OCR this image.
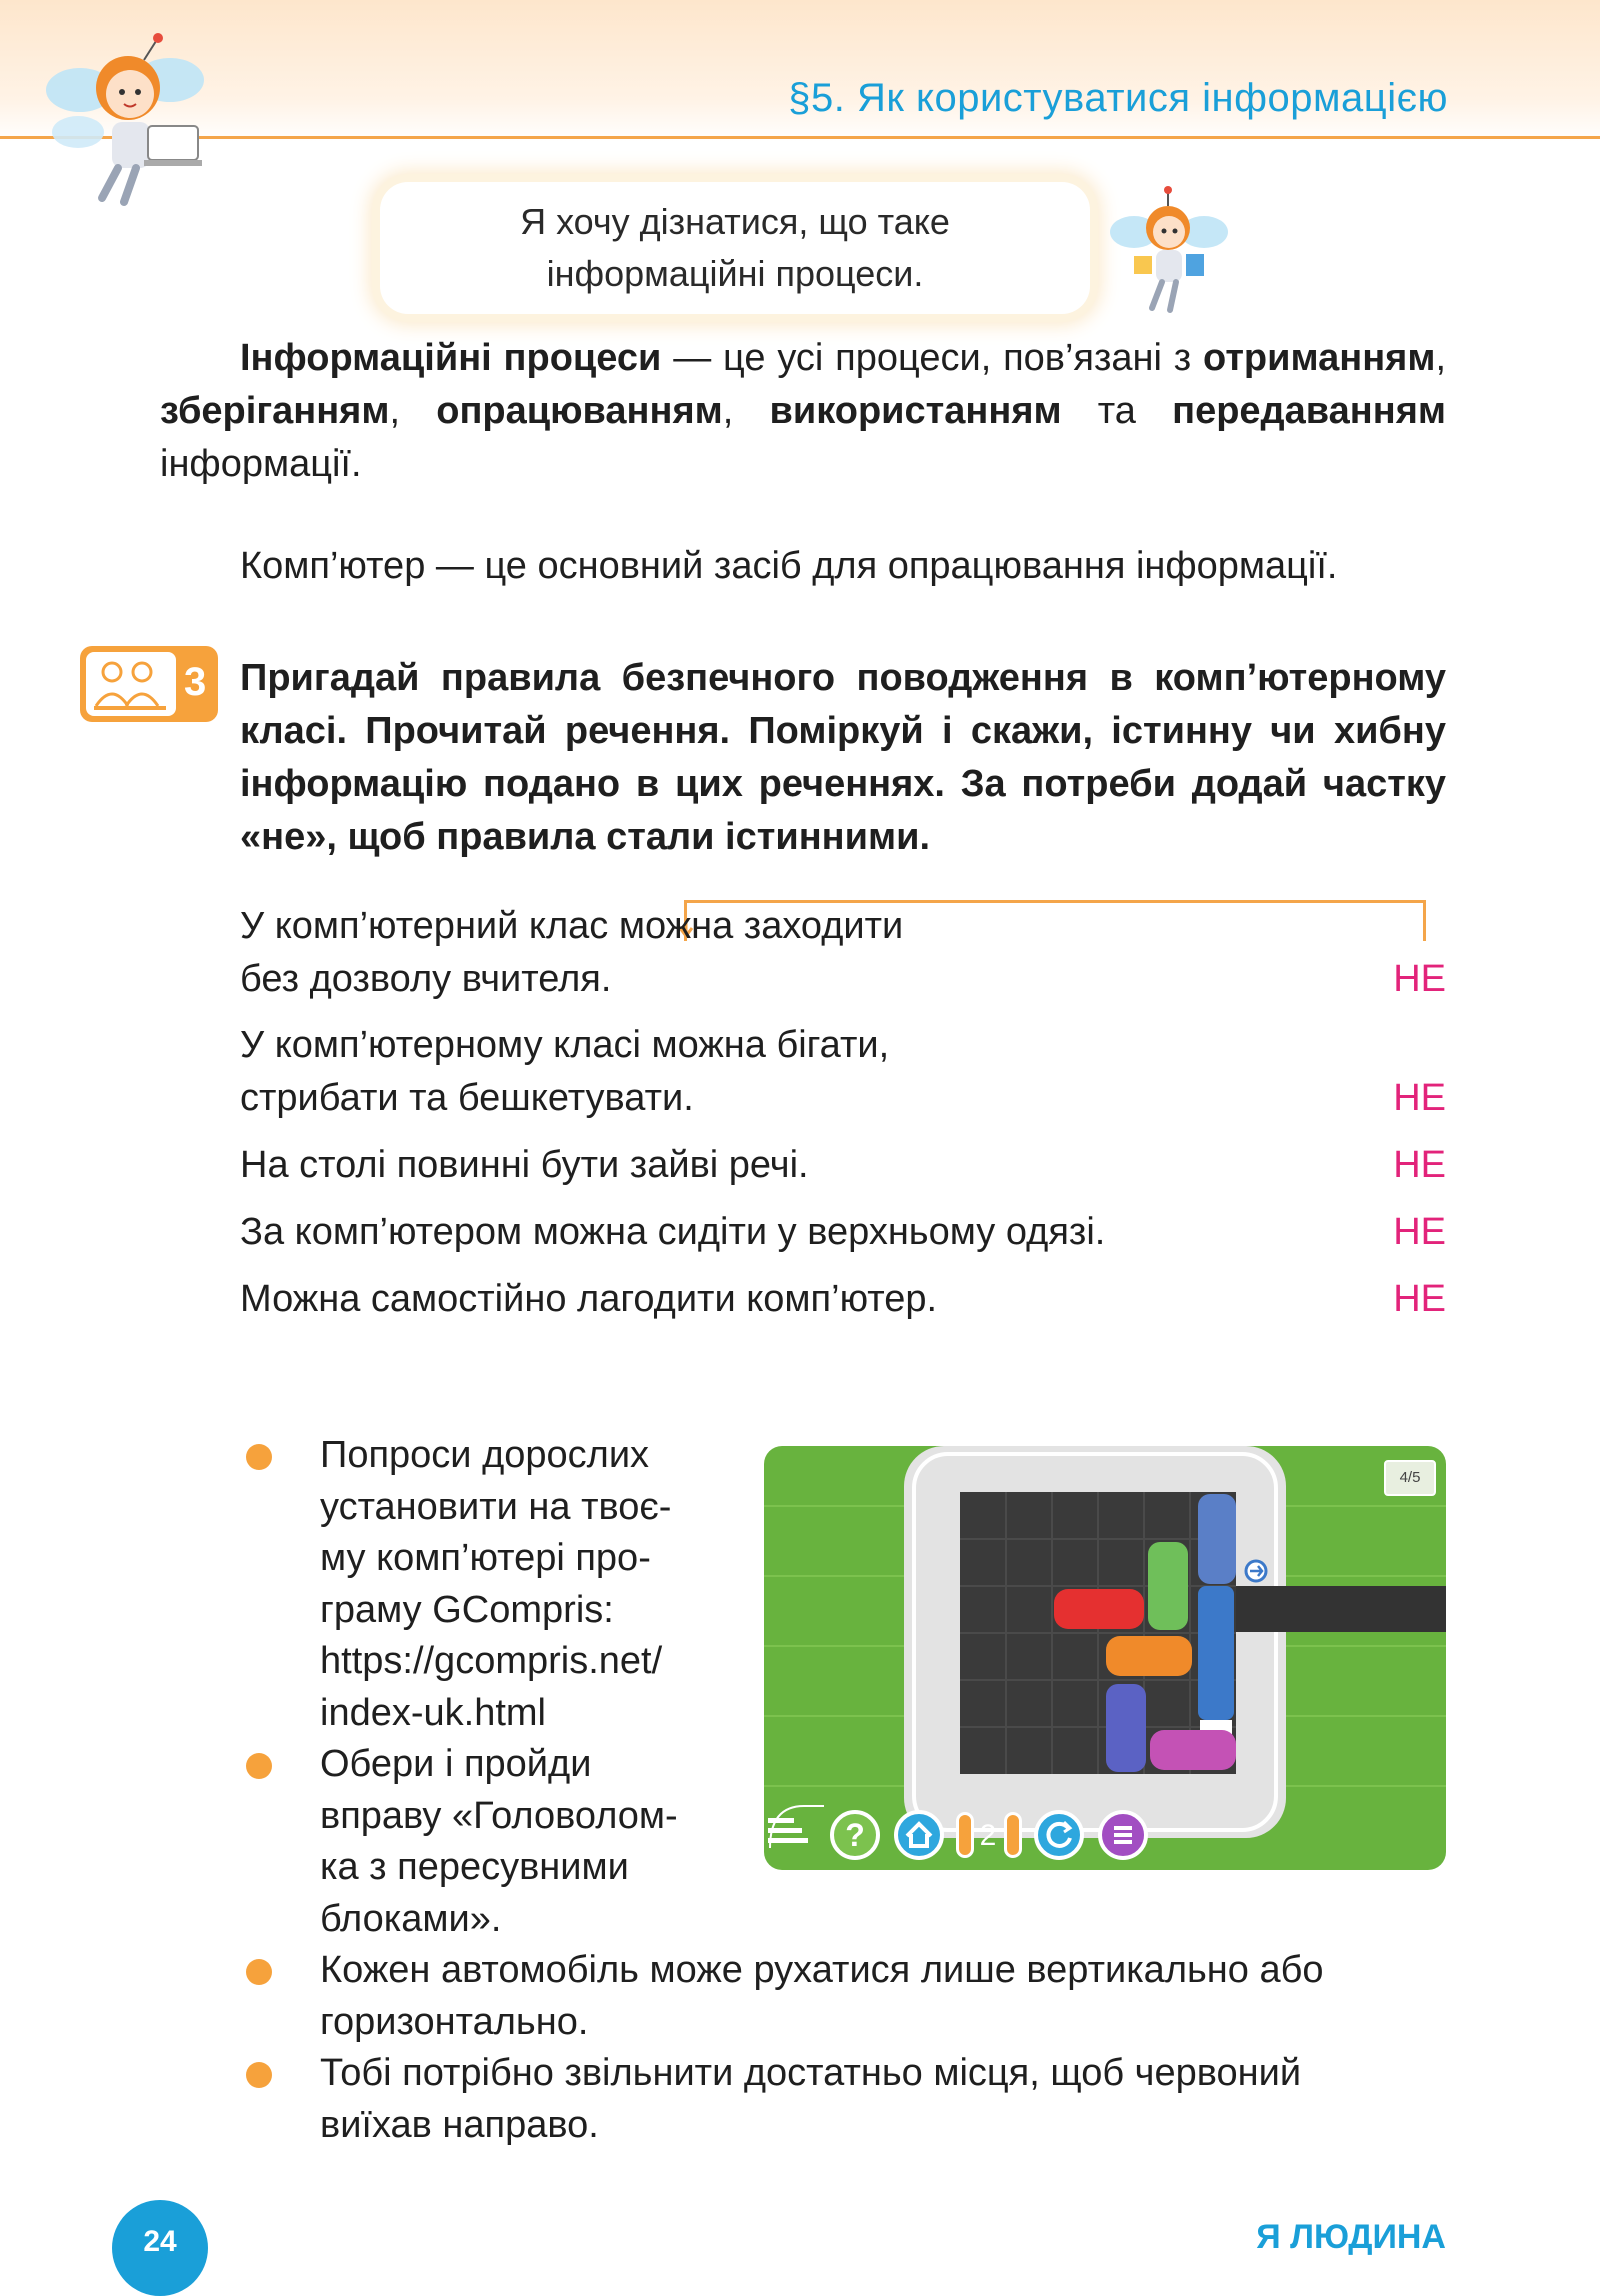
§5. Як користуватися інформацією
Я хочу дізнатися, що таке
інформаційні процеси.
Інформаційні процеси — це усі процеси, пов’язані з отриманням, зберіганням, опрацюванням, використанням та передаванням інформації.
Комп’ютер — це основний засіб для опрацювання інформації.
3 Пригадай правила безпечного поводження в комп’ютерному класі. Прочитай речення. Поміркуй і скажи, істинну чи хибну інформацію подано в цих реченнях. За потреби додай частку «не», щоб правила стали істинними.
У комп’ютерний клас можна заходити
без дозволу вчителя.	НЕ
У комп’ютерному класі можна бігати,
стрибати та бешкетувати.	НЕ
На столі повинні бути зайві речі.	НЕ
За комп’ютером можна сидіти у верхньому одязі.	НЕ
Можна самостійно лагодити комп’ютер.	НЕ
Попроси дорослих
установити на твоє-
му комп’ютері про-
граму GCompris:
https://gcompris.net/
index-uk.html
Обери і пройди
вправу «Головолом-
ка з пересувними
блоками».
Кожен автомобіль може рухатися лише вертикально або
горизонтально.
Тобі потрібно звільнити достатньо місця, щоб червоний
виїхав направо.
4/5
?	2
24	Я ЛЮДИНА
